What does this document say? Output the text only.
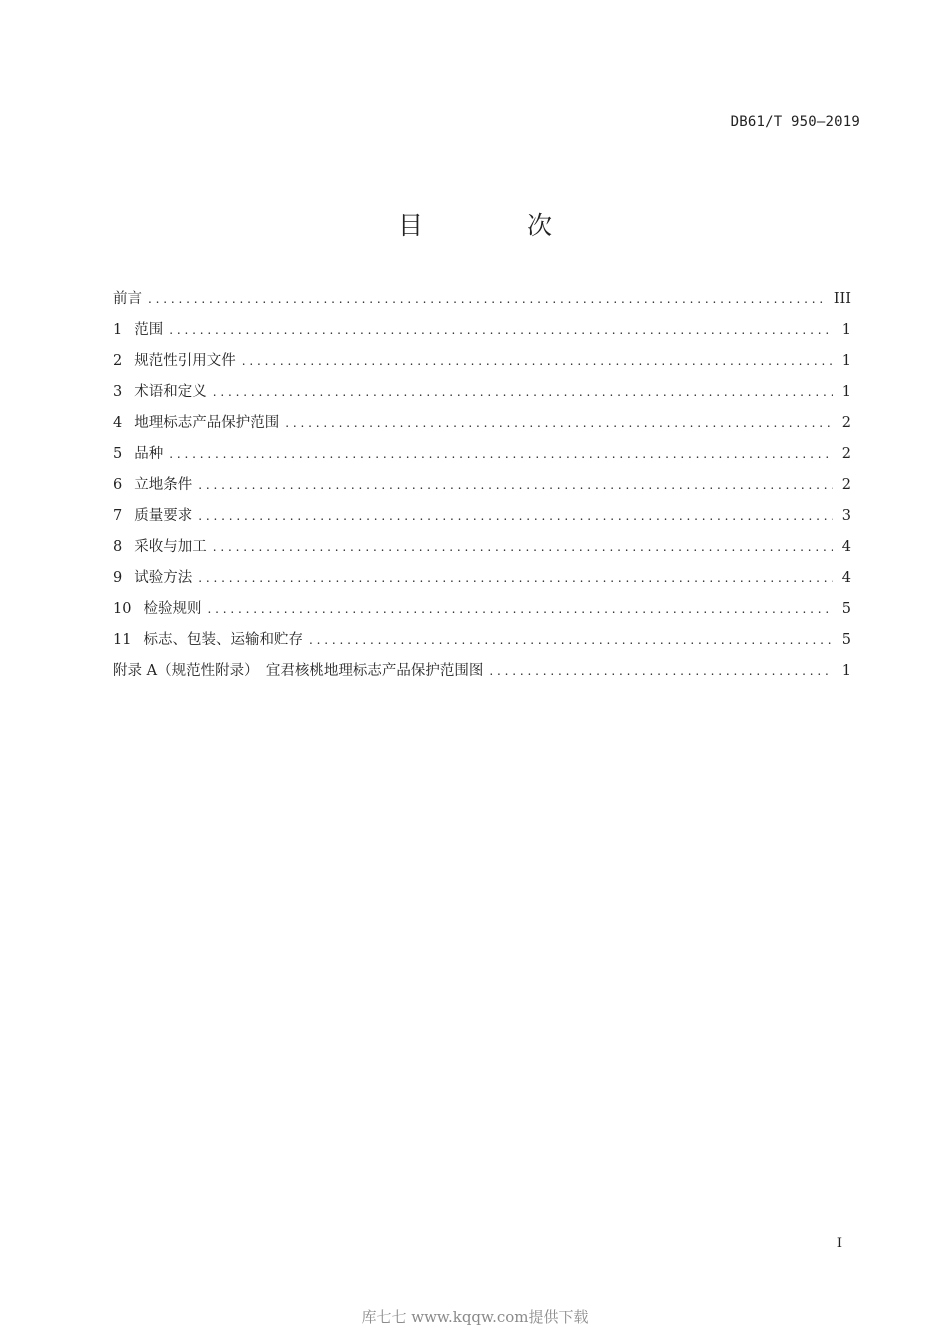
DB61/T 950—2019
目 次
前言 . . .	III
1 范围 . . .	1
2 规范性引用文件 . . .	1
3 术语和定义 . . .	1
4 地理标志产品保护范围 . . .	2
5 品种 . . .	2
6 立地条件 . . .	2
7 质量要求 . . .	3
8 采收与加工 . . .	4
9 试验方法 . . .	4
10 检验规则 . . .	5
11 标志、包装、运输和贮存 . . .	5
附录 A（规范性附录）　宜君核桃地理标志产品保护范围图 . . .	1
I
库七七 www.kqqw.com提供下载
